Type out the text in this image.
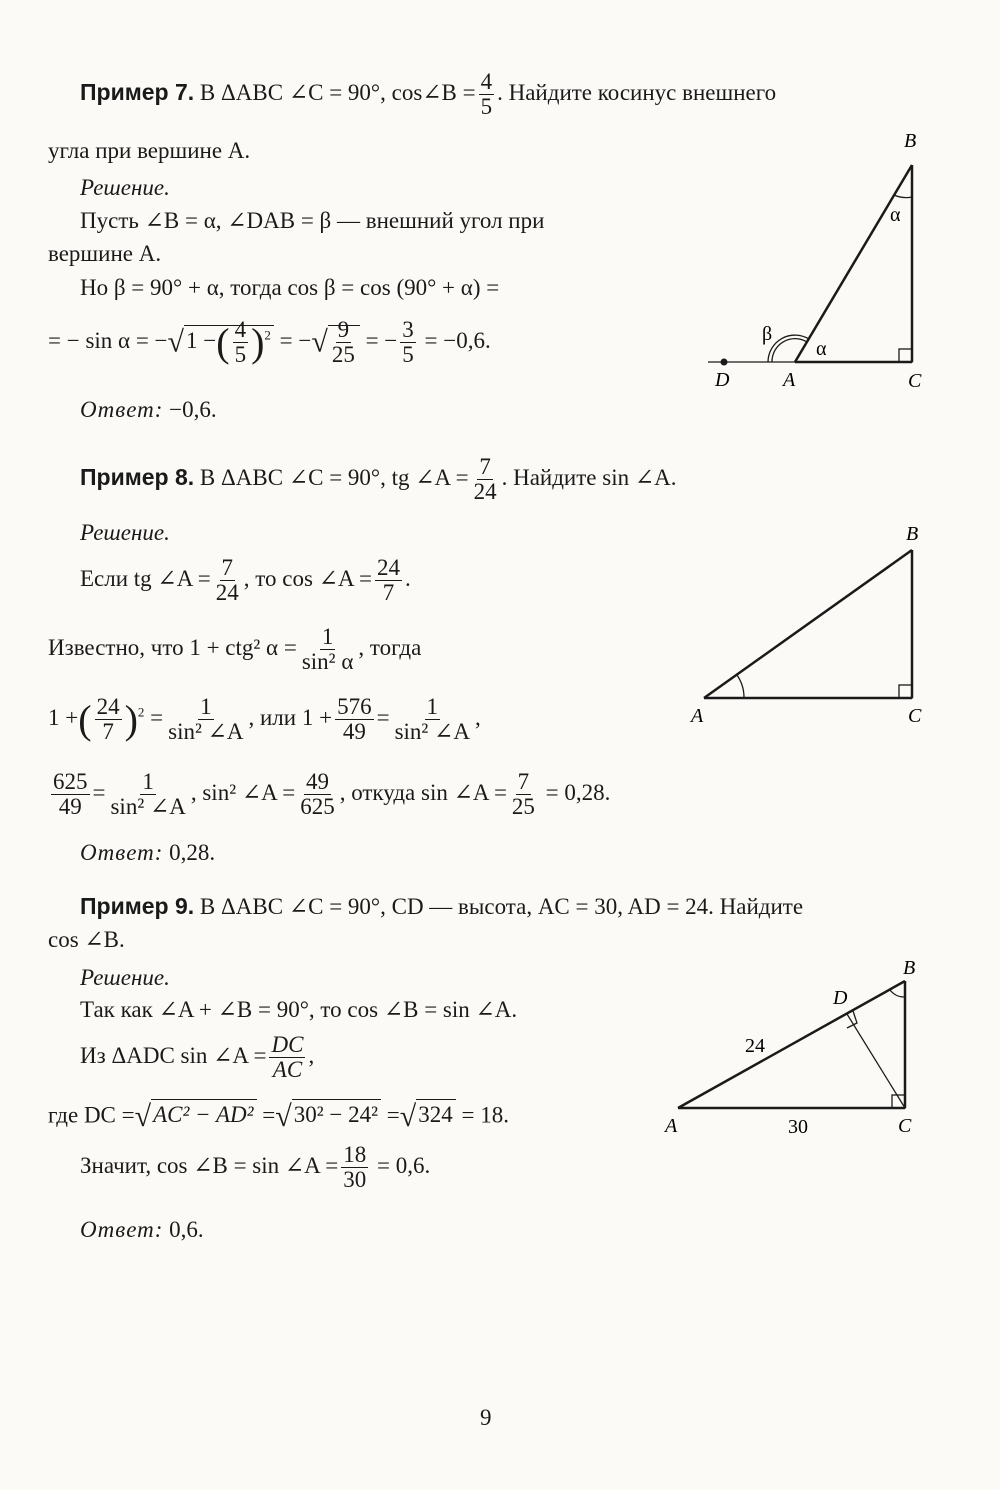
Пример 7. В ΔABC ∠C = 90°, cos∠B = $\frac{4}{5}$ . Найдите косинус внешнего
угла при вершине A.
Решение.
Пусть ∠B = α, ∠DAB = β — внешний угол при
вершине A.
Но β = 90° + α, тогда cos β = cos (90° + α) =
= − sin α = −√1 −( $\frac{4}{5} )^2$ = −√ $\frac{9}{25}$ = − $\frac{3}{5} = -0,6$.
Ответ: −0,6.
B
C
A
D
α
α
β
Пример 8. В ΔABC ∠C = 90°, tg ∠A = $\frac{7}{24}$ . Найдите sin ∠A.
Решение.
Если tg ∠A = $\frac{7}{24}$ , то cos ∠A = $\frac{24}{7}$ .
Известно, что 1 + ctg² $\alpha = \frac{1}{\text{sin² α}}$ , тогда
1 +( $\frac{24}{7} )^2 = \frac{1}{\text{sin² ∠A}}$ , или $1 + \frac{576}{49} = \frac{1}{\text{sin² ∠A}}$ ,
$\frac{625}{49} = \frac{1}{\text{sin² ∠A}}$ , sin² ∠A = $\frac{49}{625}$ , откуда sin ∠A = $\frac{7}{25} = 0,28$.
Ответ: 0,28.
B
A	C
Пример 9. В ΔABC ∠C = 90°, CD — высота, AC = 30, AD = 24. Найдите
cos ∠B.
Решение.
Так как ∠A + ∠B = 90°, то cos ∠B = sin ∠A.
Из ΔADC sin ∠A = $\frac{DC}{AC}$ ,
где DC =√AC² − AD² =√30² − 24² =√324 = 18.
Значит, cos ∠B = sin ∠A = $\frac{18}{30} = 0,6$.
Ответ: 0,6.
B
D
A	C
24
30
9
